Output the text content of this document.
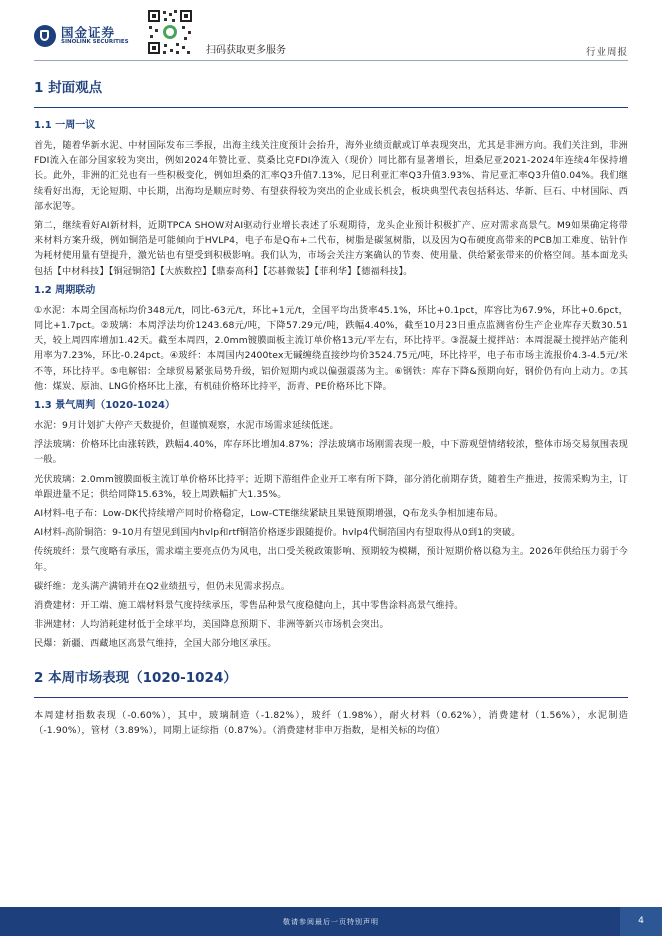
国金证券
SINOLINK SECURITIES
扫码获取更多服务	行业周报
1 封面观点
1.1 一周一议

首先，随着华新水泥、中材国际发布三季报，出海主线关注度预计会抬升，海外业绩贡献或订单表现突出，尤其是非洲方向。我们关注到，非洲FDI流入在部分国家较为突出，例如2024年赞比亚、莫桑比克FDI净流入（现价）同比都有显著增长，坦桑尼亚2021-2024年连续4年保持增长。此外，非洲的汇兑也有一些积极变化，例如坦桑的汇率Q3升值7.13%，尼日利亚汇率Q3升值3.93%、肯尼亚汇率Q3升值0.04%。我们继续看好出海，无论短期、中长期，出海均是顺应时势、有望获得较为突出的企业成长机会，板块典型代表包括科达、华新、巨石、中材国际、西部水泥等。

第二，继续看好AI新材料，近期TPCA SHOW对AI驱动行业增长表述了乐观期待，龙头企业预计积极扩产、应对需求高景气。M9如果确定将带来材料方案升级，例如铜箔是可能倾向于HVLP4，电子布是Q布+二代布，树脂是碳氢树脂，以及因为Q布硬度高带来的PCB加工难度、钻针作为耗材使用量有望提升，激光钻也有望受到积极影响。我们认为，市场会关注方案确认的节奏、使用量、供给紧张带来的价格空间。基本面龙头包括【中材科技】【铜冠铜箔】【大族数控】【鼎泰高科】【芯碁微装】【菲利华】【德福科技】。

1.2 周期联动

①水泥：本周全国高标均价348元/t，同比-63元/t，环比+1元/t，全国平均出货率45.1%，环比+0.1pct，库容比为67.9%，环比+0.6pct，同比+1.7pct。②玻璃：本周浮法均价1243.68元/吨，下降57.29元/吨，跌幅4.40%，截至10月23日重点监测省份生产企业库存天数30.51天，较上周四库增加1.42天。截至本周四，2.0mm镀膜面板主流订单价格13元/平左右，环比持平。③混凝土搅拌站：本周混凝土搅拌站产能利用率为7.23%，环比-0.24pct。④玻纤：本周国内2400tex无碱缠绕直接纱均价3524.75元/吨，环比持平，电子布市场主流报价4.3-4.5元/米不等，环比持平。⑤电解铝：全球贸易紧张局势升级，铝价短期内或以偏强震荡为主。⑥钢铁：库存下降&预期向好，钢价仍有向上动力。⑦其他：煤炭、原油、LNG价格环比上涨，有机硅价格环比持平，沥青、PE价格环比下降。

1.3 景气周判（1020-1024）

水泥：9月计划扩大停产天数提价，但谨慎观察，水泥市场需求延续低迷。

浮法玻璃：价格环比由涨转跌，跌幅4.40%，库存环比增加4.87%；浮法玻璃市场刚需表现一般，中下游观望情绪较浓，整体市场交易氛围表现一般。

光伏玻璃：2.0mm镀膜面板主流订单价格环比持平；近期下游组件企业开工率有所下降，部分消化前期存货，随着生产推进，按需采购为主，订单跟进量不足；供给同降15.63%，较上周跌幅扩大1.35%。

AI材料-电子布：Low-DK代持续增产同时价格稳定，Low-CTE继续紧缺且果链预期增强，Q布龙头争相加速布局。

AI材料-高阶铜箔：9-10月有望见到国内hvlp和rtf铜箔价格逐步跟随提价。hvlp4代铜箔国内有望取得从0到1的突破。

传统玻纤：景气度略有承压，需求端主要亮点仍为风电，出口受关税政策影响、预期较为模糊，预计短期价格以稳为主。2026年供给压力弱于今年。

碳纤维：龙头满产满销并在Q2业绩扭亏，但仍未见需求拐点。

消费建材：开工端、施工端材料景气度持续承压，零售品种景气度稳健向上，其中零售涂料高景气维持。

非洲建材：人均消耗建材低于全球平均，美国降息预期下、非洲等新兴市场机会突出。

民爆：新疆、西藏地区高景气维持，全国大部分地区承压。

2 本周市场表现（1020-1024）

本周建材指数表现（-0.60%），其中，玻璃制造（-1.82%），玻纤（1.98%），耐火材料（0.62%），消费建材（1.56%），水泥制造（-1.90%），管材（3.89%），同期上证综指（0.87%）。（消费建材非申万指数，是相关标的均值）

敬请参阅最后一页特别声明	4
